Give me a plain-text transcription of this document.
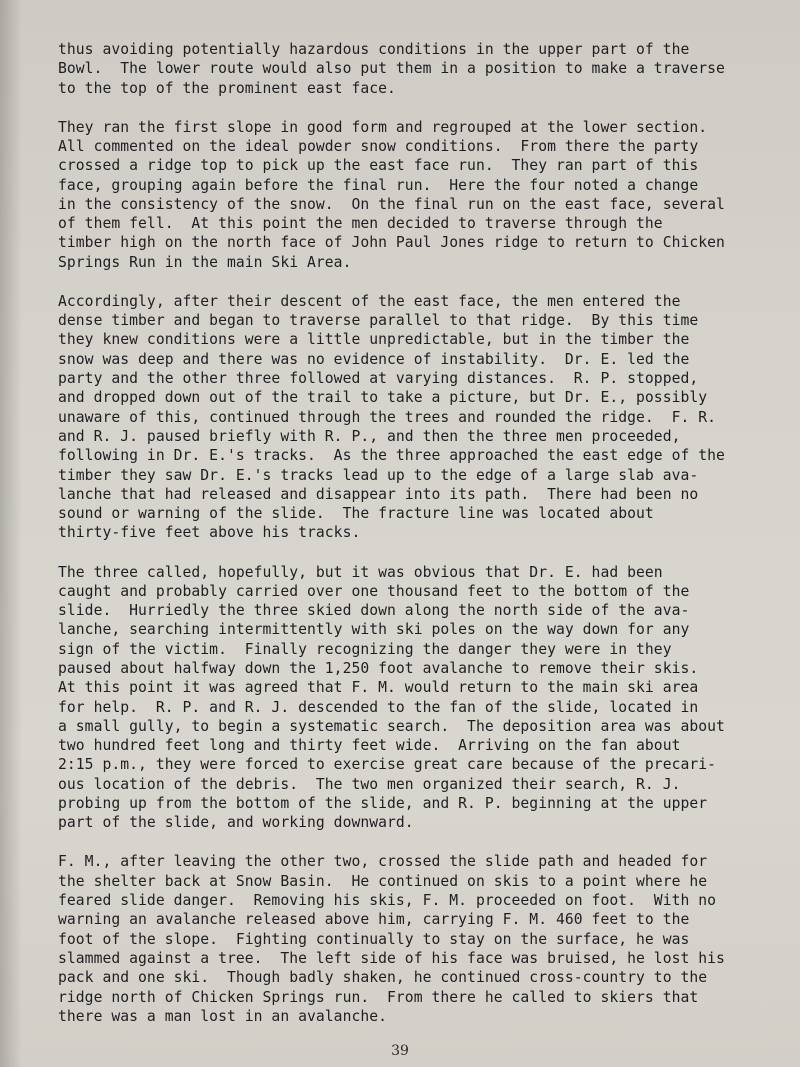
thus avoiding potentially hazardous conditions in the upper part of the
Bowl.  The lower route would also put them in a position to make a traverse
to the top of the prominent east face.
They ran the first slope in good form and regrouped at the lower section.
All commented on the ideal powder snow conditions.  From there the party
crossed a ridge top to pick up the east face run.  They ran part of this
face, grouping again before the final run.  Here the four noted a change
in the consistency of the snow.  On the final run on the east face, several
of them fell.  At this point the men decided to traverse through the
timber high on the north face of John Paul Jones ridge to return to Chicken
Springs Run in the main Ski Area.
Accordingly, after their descent of the east face, the men entered the
dense timber and began to traverse parallel to that ridge.  By this time
they knew conditions were a little unpredictable, but in the timber the
snow was deep and there was no evidence of instability.  Dr. E. led the
party and the other three followed at varying distances.  R. P. stopped,
and dropped down out of the trail to take a picture, but Dr. E., possibly
unaware of this, continued through the trees and rounded the ridge.  F. R.
and R. J. paused briefly with R. P., and then the three men proceeded,
following in Dr. E.'s tracks.  As the three approached the east edge of the
timber they saw Dr. E.'s tracks lead up to the edge of a large slab ava-
lanche that had released and disappear into its path.  There had been no
sound or warning of the slide.  The fracture line was located about
thirty-five feet above his tracks.
The three called, hopefully, but it was obvious that Dr. E. had been
caught and probably carried over one thousand feet to the bottom of the
slide.  Hurriedly the three skied down along the north side of the ava-
lanche, searching intermittently with ski poles on the way down for any
sign of the victim.  Finally recognizing the danger they were in they
paused about halfway down the 1,250 foot avalanche to remove their skis.
At this point it was agreed that F. M. would return to the main ski area
for help.  R. P. and R. J. descended to the fan of the slide, located in
a small gully, to begin a systematic search.  The deposition area was about
two hundred feet long and thirty feet wide.  Arriving on the fan about
2:15 p.m., they were forced to exercise great care because of the precari-
ous location of the debris.  The two men organized their search, R. J.
probing up from the bottom of the slide, and R. P. beginning at the upper
part of the slide, and working downward.
F. M., after leaving the other two, crossed the slide path and headed for
the shelter back at Snow Basin.  He continued on skis to a point where he
feared slide danger.  Removing his skis, F. M. proceeded on foot.  With no
warning an avalanche released above him, carrying F. M. 460 feet to the
foot of the slope.  Fighting continually to stay on the surface, he was
slammed against a tree.  The left side of his face was bruised, he lost his
pack and one ski.  Though badly shaken, he continued cross-country to the
ridge north of Chicken Springs run.  From there he called to skiers that
there was a man lost in an avalanche.
39
